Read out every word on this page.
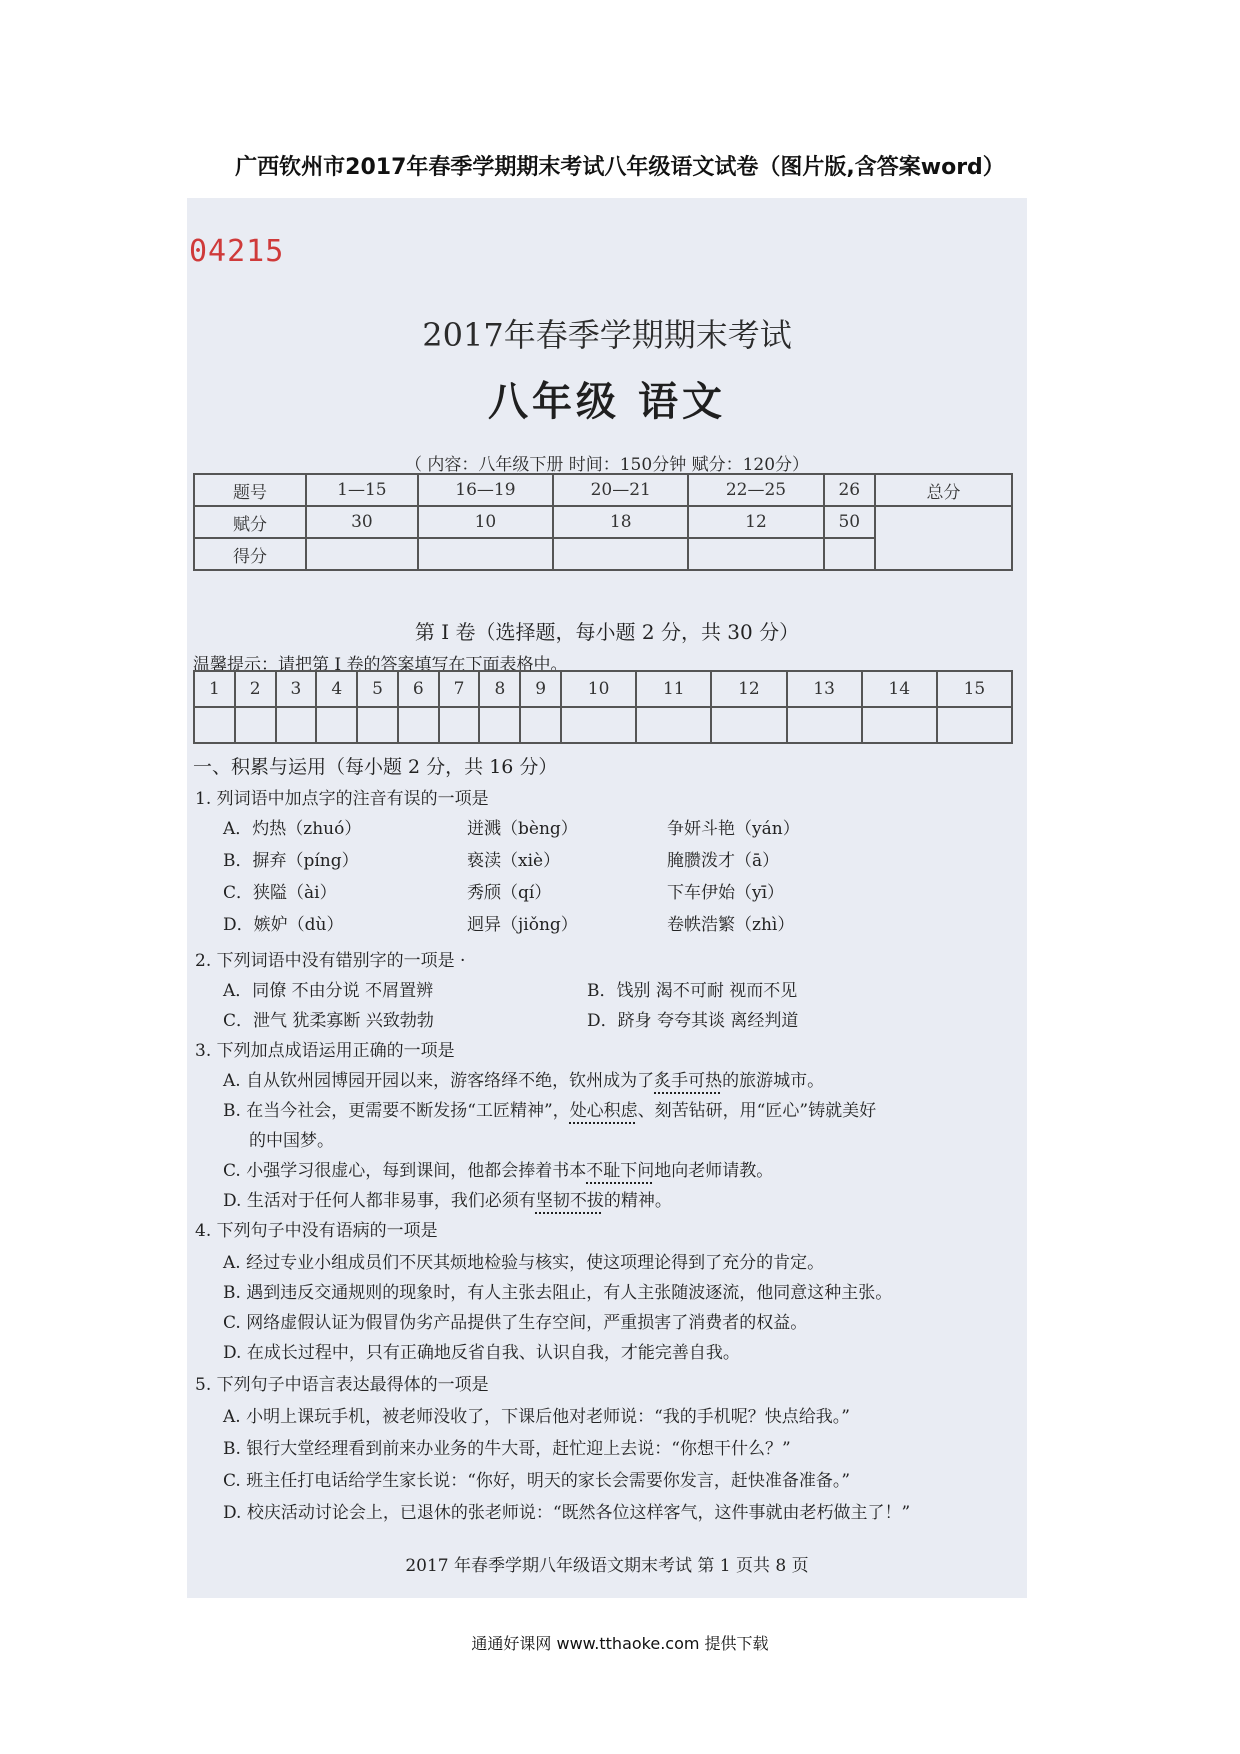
广西钦州市2017年春季学期期末考试八年级语文试卷（图片版,含答案word）
04215
2017年春季学期期末考试
八年级 语文
（ 内容：八年级下册 时间：150分钟 赋分：120分）
题号	1—15	16—19	20—21	22—25	26	总分
赋分	30	10	18	12	50	
得分						
第 I 卷（选择题，每小题 2 分，共 30 分）
温馨提示：请把第 I 卷的答案填写在下面表格中。
1	2	3	4	5	6	7	8	9	10	11	12	13	14	15

一、积累与运用（每小题 2 分，共 16 分）
1. 列词语中加点字的注音有误的一项是
A．灼热（zhuó）	迸溅（bèng）	争妍斗艳（yán）
B．摒弃（píng）	亵渎（xiè）	腌臜泼才（ā）
C．狭隘（ài）	秀颀（qí）	下车伊始（yī）
D．嫉妒（dù）	迥异（jiǒng）	卷帙浩繁（zhì）
2. 下列词语中没有错别字的一项是 ·
A．同僚 不由分说 不屑置辨	B．饯别 渴不可耐 视而不见
C．泄气 犹柔寡断 兴致勃勃	D．跻身 夸夸其谈 离经判道
3. 下列加点成语运用正确的一项是
A. 自从钦州园博园开园以来，游客络绎不绝，钦州成为了炙手可热的旅游城市。
B. 在当今社会，更需要不断发扬“工匠精神”，处心积虑、刻苦钻研，用“匠心”铸就美好
的中国梦。
C. 小强学习很虚心，每到课间，他都会捧着书本不耻下问地向老师请教。
D. 生活对于任何人都非易事，我们必须有坚韧不拔的精神。
4. 下列句子中没有语病的一项是
A. 经过专业小组成员们不厌其烦地检验与核实，使这项理论得到了充分的肯定。
B. 遇到违反交通规则的现象时，有人主张去阻止，有人主张随波逐流，他同意这种主张。
C. 网络虚假认证为假冒伪劣产品提供了生存空间，严重损害了消费者的权益。
D. 在成长过程中，只有正确地反省自我、认识自我，才能完善自我。
5. 下列句子中语言表达最得体的一项是
A. 小明上课玩手机，被老师没收了，下课后他对老师说：“我的手机呢？快点给我。”
B. 银行大堂经理看到前来办业务的牛大哥，赶忙迎上去说：“你想干什么？”
C. 班主任打电话给学生家长说：“你好，明天的家长会需要你发言，赶快准备准备。”
D. 校庆活动讨论会上，已退休的张老师说：“既然各位这样客气，这件事就由老朽做主了！”
2017 年春季学期八年级语文期末考试 第 1 页共 8 页
通通好课网 www.tthaoke.com 提供下载
